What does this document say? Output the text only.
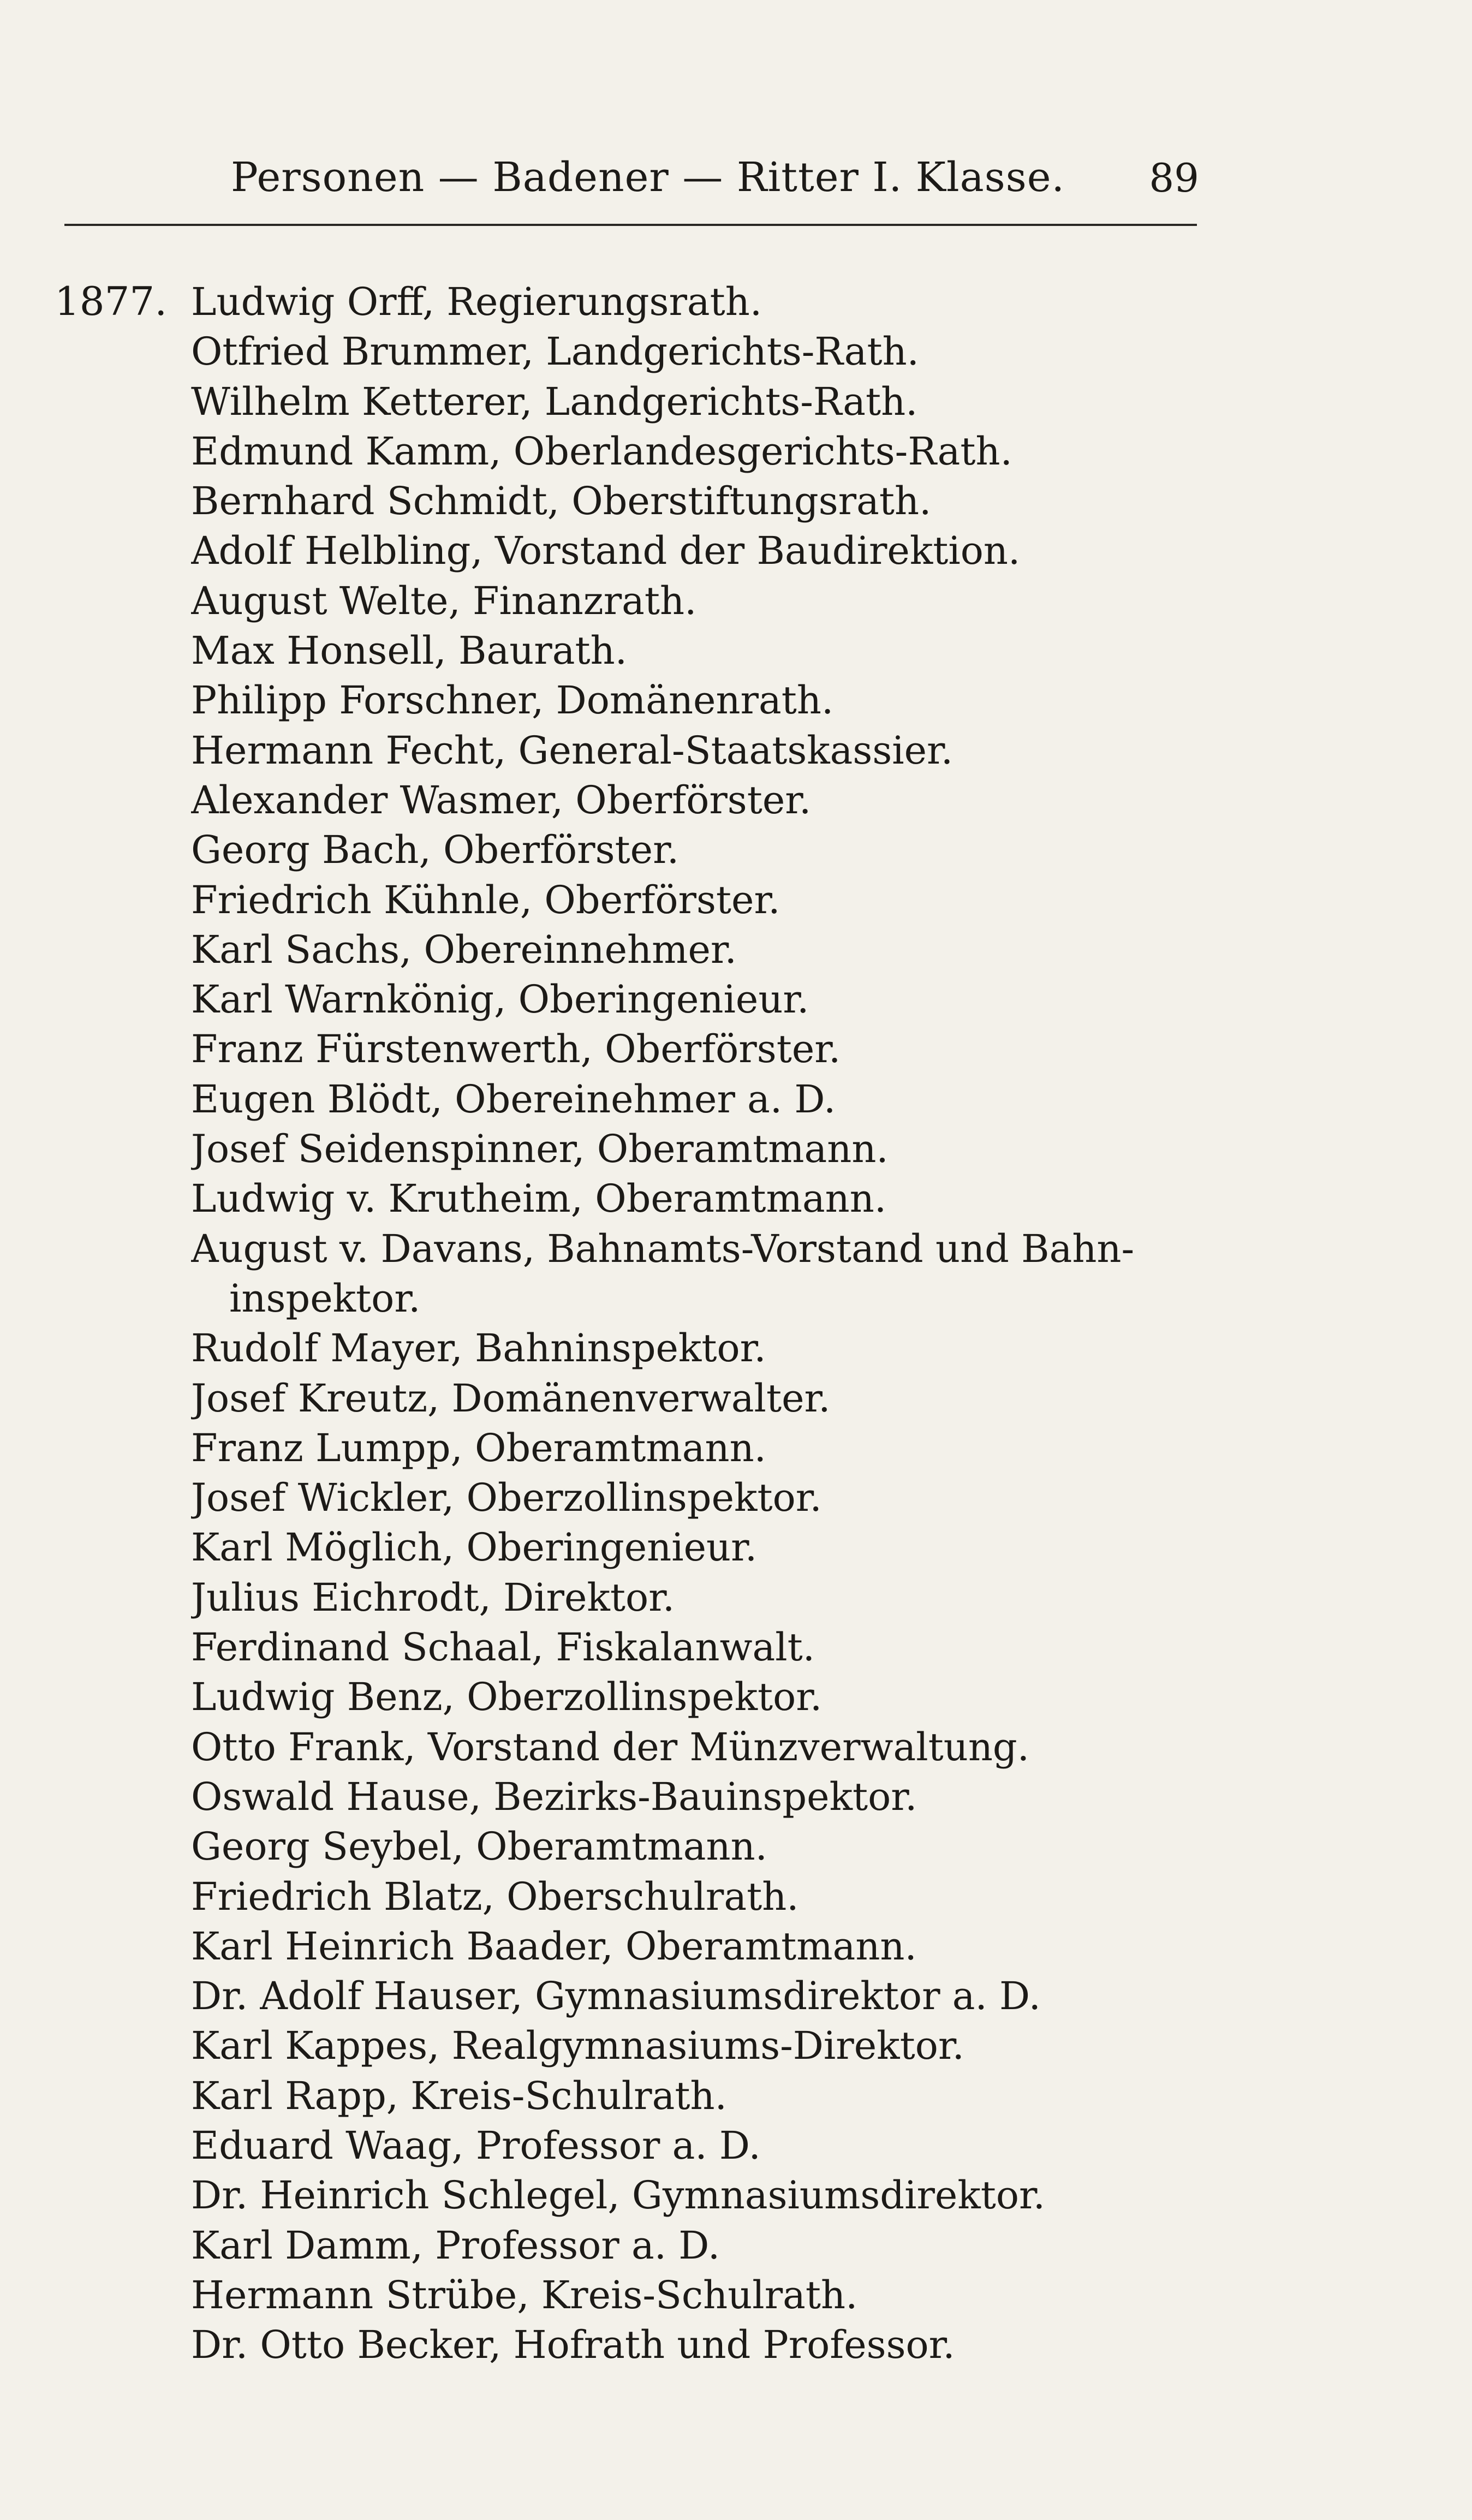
Personen — Badener — Ritter I. Klasse. 89
1877. Ludwig Orff, Regierungsrath.
Otfried Brummer, Landgerichts-Rath.
Wilhelm Ketterer, Landgerichts-Rath.
Edmund Kamm, Oberlandesgerichts-Rath.
Bernhard Schmidt, Oberstiftungsrath.
Adolf Helbling, Vorstand der Baudirektion.
August Welte, Finanzrath.
Max Honsell, Baurath.
Philipp Forschner, Domänenrath.
Hermann Fecht, General-Staatskassier.
Alexander Wasmer, Oberförster.
Georg Bach, Oberförster.
Friedrich Kühnle, Oberförster.
Karl Sachs, Obereinnehmer.
Karl Warnkönig, Oberingenieur.
Franz Fürstenwerth, Oberförster.
Eugen Blödt, Obereinehmer a. D.
Josef Seidenspinner, Oberamtmann.
Ludwig v. Krutheim, Oberamtmann.
August v. Davans, Bahnamts-Vorstand und Bahn-
inspektor.
Rudolf Mayer, Bahninspektor.
Josef Kreutz, Domänenverwalter.
Franz Lumpp, Oberamtmann.
Josef Wickler, Oberzollinspektor.
Karl Möglich, Oberingenieur.
Julius Eichrodt, Direktor.
Ferdinand Schaal, Fiskalanwalt.
Ludwig Benz, Oberzollinspektor.
Otto Frank, Vorstand der Münzverwaltung.
Oswald Hause, Bezirks-Bauinspektor.
Georg Seybel, Oberamtmann.
Friedrich Blatz, Oberschulrath.
Karl Heinrich Baader, Oberamtmann.
Dr. Adolf Hauser, Gymnasiumsdirektor a. D.
Karl Kappes, Realgymnasiums-Direktor.
Karl Rapp, Kreis-Schulrath.
Eduard Waag, Professor a. D.
Dr. Heinrich Schlegel, Gymnasiumsdirektor.
Karl Damm, Professor a. D.
Hermann Strübe, Kreis-Schulrath.
Dr. Otto Becker, Hofrath und Professor.
